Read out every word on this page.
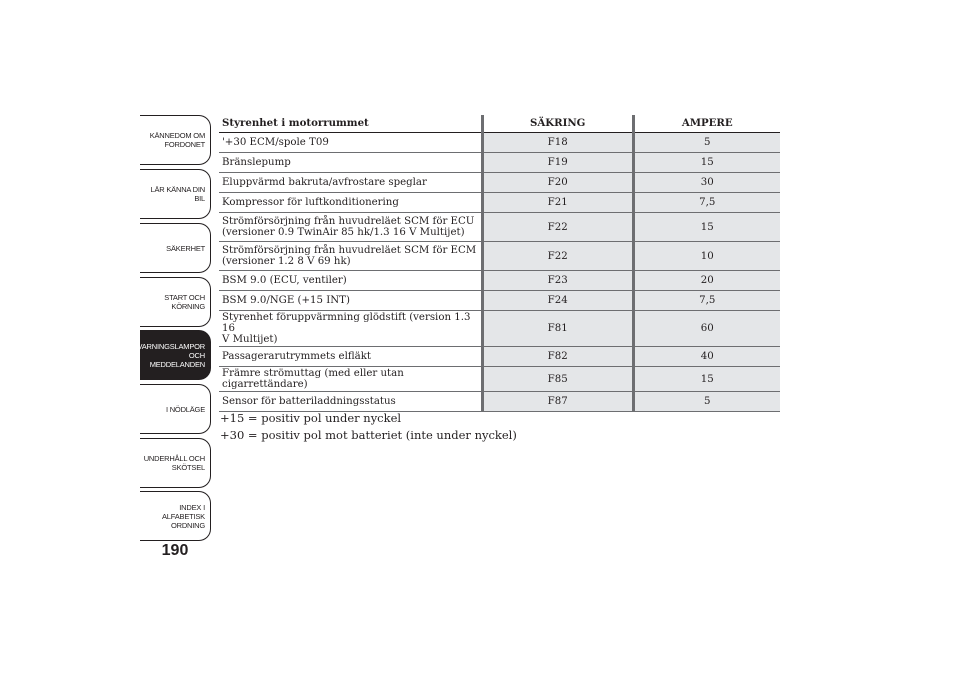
KÄNNEDOM OM
FORDONET
LÄR KÄNNA DIN
BIL
SÄKERHET
START OCH
KÖRNING
VARNINGSLAMPOR
OCH
MEDDELANDEN
I NÖDLÄGE
UNDERHÅLL OCH
SKÖTSEL
INDEX I
ALFABETISK
ORDNING
190
Styrenhet i motorrummet	SÄKRING	AMPERE
'+30 ECM/spole T09	F18	5
Bränslepump	F19	15
Eluppvärmd bakruta/avfrostare speglar	F20	30
Kompressor för luftkonditionering	F21	7,5
Strömförsörjning från huvudreläet SCM för ECU
(versioner 0.9 TwinAir 85 hk/1.3 16 V Multijet)	F22	15
Strömförsörjning från huvudreläet SCM för ECM
(versioner 1.2 8 V 69 hk)	F22	10
BSM 9.0 (ECU, ventiler)	F23	20
BSM 9.0/NGE (+15 INT)	F24	7,5
Styrenhet föruppvärmning glödstift (version 1.3 16
V Multijet)	F81	60
Passagerarutrymmets elfläkt	F82	40
Främre strömuttag (med eller utan cigarrettändare)	F85	15
Sensor för batteriladdningsstatus	F87	5
+15 = positiv pol under nyckel
+30 = positiv pol mot batteriet (inte under nyckel)
